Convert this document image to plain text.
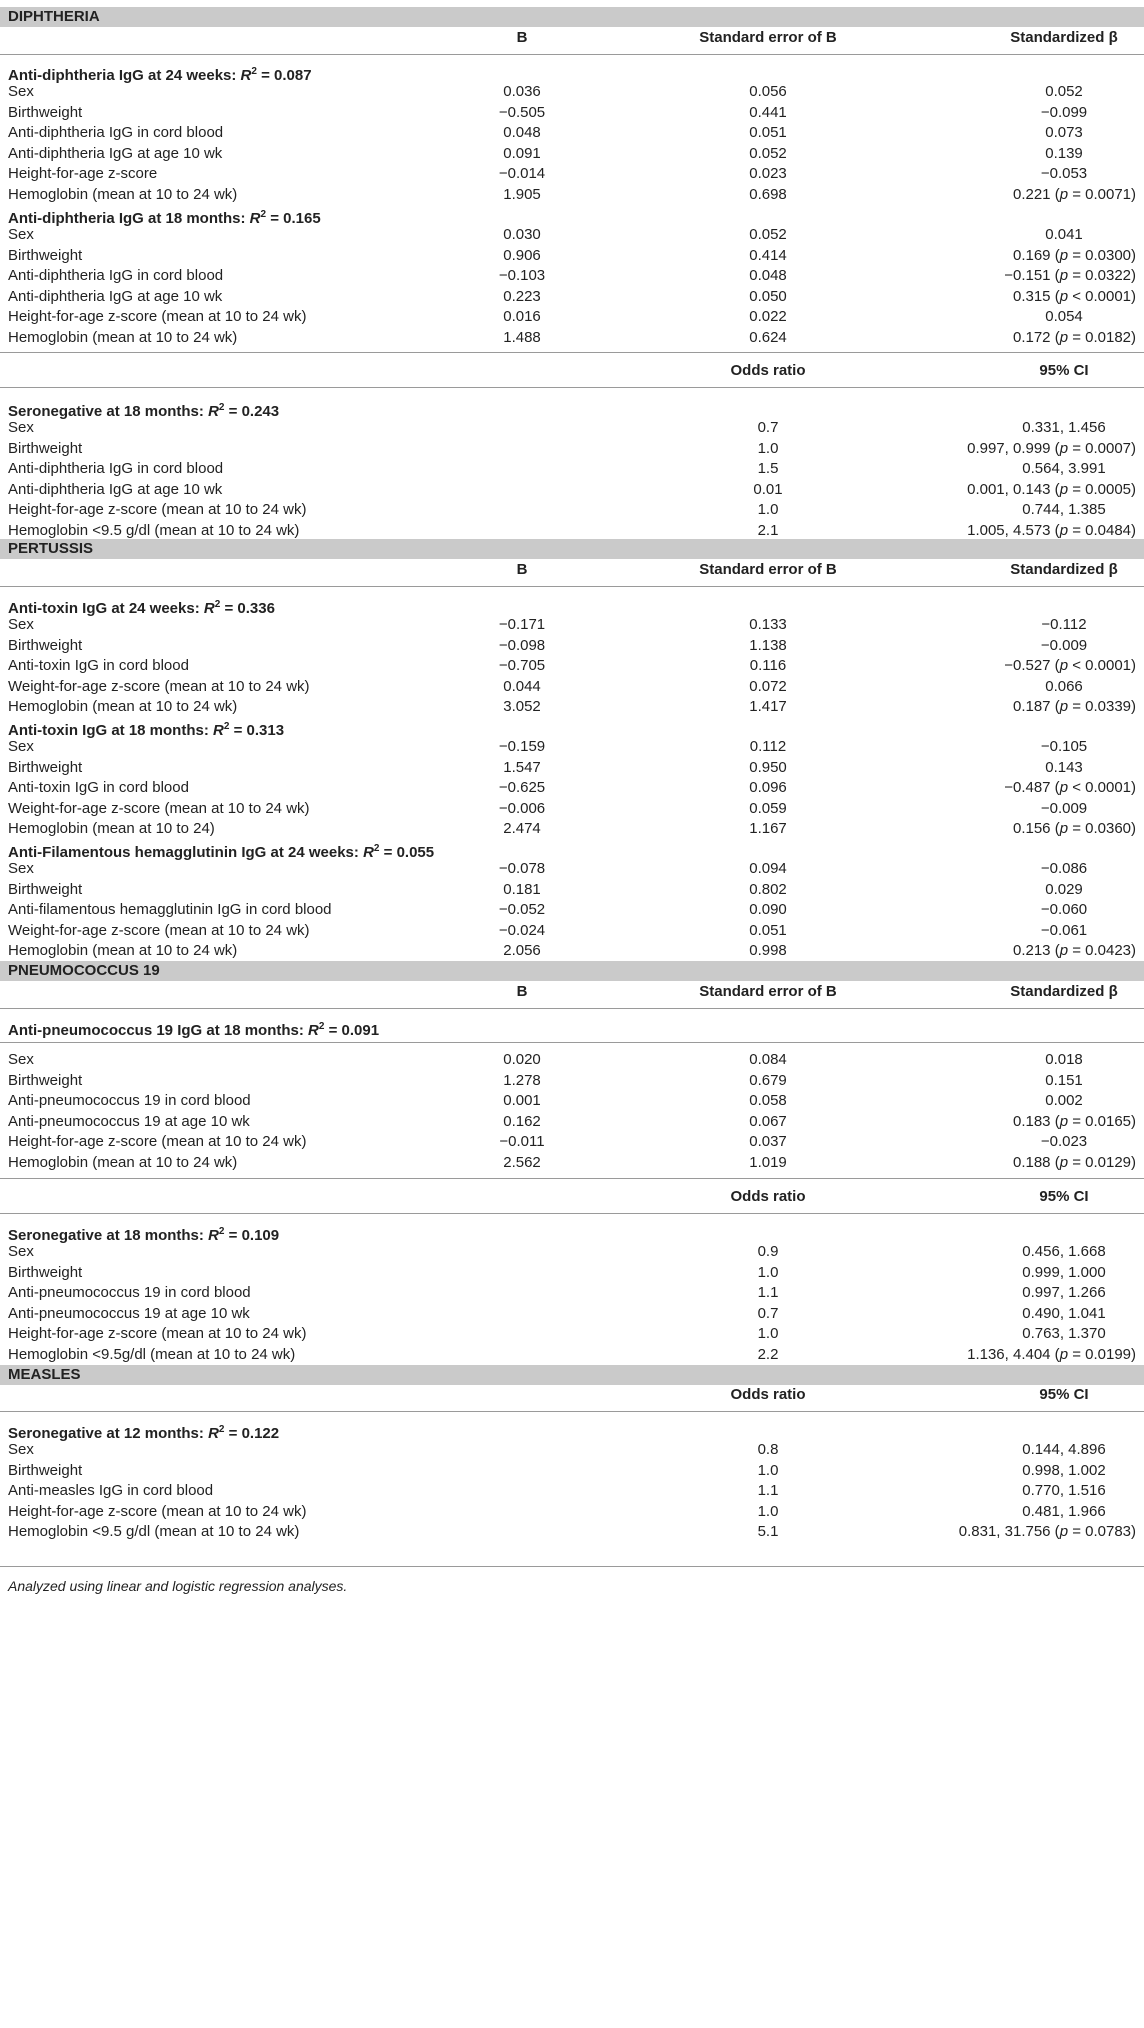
DIPHTHERIA
B	Standard error of B	Standardized β
Anti-diphtheria IgG at 24 weeks: $R^2 = 0.087$
Sex	0.036	0.056	0.052
Birthweight	−0.505	0.441	−0.099
Anti-diphtheria IgG in cord blood	0.048	0.051	0.073
Anti-diphtheria IgG at age 10 wk	0.091	0.052	0.139
Height-for-age z-score	−0.014	0.023	−0.053
Hemoglobin (mean at 10 to 24 wk)	1.905	0.698	0.221 (p = 0.0071)
Anti-diphtheria IgG at 18 months: $R^2 = 0.165$
Sex	0.030	0.052	0.041
Birthweight	0.906	0.414	0.169 (p = 0.0300)
Anti-diphtheria IgG in cord blood	−0.103	0.048	−0.151 (p = 0.0322)
Anti-diphtheria IgG at age 10 wk	0.223	0.050	0.315 (p < 0.0001)
Height-for-age z-score (mean at 10 to 24 wk)	0.016	0.022	0.054
Hemoglobin (mean at 10 to 24 wk)	1.488	0.624	0.172 (p = 0.0182)
Odds ratio	95% CI
Seronegative at 18 months: $R^2 = 0.243$
Sex	0.7	0.331, 1.456
Birthweight	1.0	0.997, 0.999 (p = 0.0007)
Anti-diphtheria IgG in cord blood	1.5	0.564, 3.991
Anti-diphtheria IgG at age 10 wk	0.01	0.001, 0.143 (p = 0.0005)
Height-for-age z-score (mean at 10 to 24 wk)	1.0	0.744, 1.385
Hemoglobin <9.5 g/dl (mean at 10 to 24 wk)	2.1	1.005, 4.573 (p = 0.0484)
PERTUSSIS
B	Standard error of B	Standardized β
Anti-toxin IgG at 24 weeks: $R^2 = 0.336$
Sex	−0.171	0.133	−0.112
Birthweight	−0.098	1.138	−0.009
Anti-toxin IgG in cord blood	−0.705	0.116	−0.527 (p < 0.0001)
Weight-for-age z-score (mean at 10 to 24 wk)	0.044	0.072	0.066
Hemoglobin (mean at 10 to 24 wk)	3.052	1.417	0.187 (p = 0.0339)
Anti-toxin IgG at 18 months: $R^2 = 0.313$
Sex	−0.159	0.112	−0.105
Birthweight	1.547	0.950	0.143
Anti-toxin IgG in cord blood	−0.625	0.096	−0.487 (p < 0.0001)
Weight-for-age z-score (mean at 10 to 24 wk)	−0.006	0.059	−0.009
Hemoglobin (mean at 10 to 24)	2.474	1.167	0.156 (p = 0.0360)
Anti-Filamentous hemagglutinin IgG at 24 weeks: $R^2 = 0.055$
Sex	−0.078	0.094	−0.086
Birthweight	0.181	0.802	0.029
Anti-filamentous hemagglutinin IgG in cord blood	−0.052	0.090	−0.060
Weight-for-age z-score (mean at 10 to 24 wk)	−0.024	0.051	−0.061
Hemoglobin (mean at 10 to 24 wk)	2.056	0.998	0.213 (p = 0.0423)
PNEUMOCOCCUS 19
B	Standard error of B	Standardized β
Anti-pneumococcus 19 IgG at 18 months: $R^2 = 0.091$
Sex	0.020	0.084	0.018
Birthweight	1.278	0.679	0.151
Anti-pneumococcus 19 in cord blood	0.001	0.058	0.002
Anti-pneumococcus 19 at age 10 wk	0.162	0.067	0.183 (p = 0.0165)
Height-for-age z-score (mean at 10 to 24 wk)	−0.011	0.037	−0.023
Hemoglobin (mean at 10 to 24 wk)	2.562	1.019	0.188 (p = 0.0129)
Odds ratio	95% CI
Seronegative at 18 months: $R^2 = 0.109$
Sex	0.9	0.456, 1.668
Birthweight	1.0	0.999, 1.000
Anti-pneumococcus 19 in cord blood	1.1	0.997, 1.266
Anti-pneumococcus 19 at age 10 wk	0.7	0.490, 1.041
Height-for-age z-score (mean at 10 to 24 wk)	1.0	0.763, 1.370
Hemoglobin <9.5g/dl (mean at 10 to 24 wk)	2.2	1.136, 4.404 (p = 0.0199)
MEASLES
Odds ratio	95% CI
Seronegative at 12 months: $R^2 = 0.122$
Sex	0.8	0.144, 4.896
Birthweight	1.0	0.998, 1.002
Anti-measles IgG in cord blood	1.1	0.770, 1.516
Height-for-age z-score (mean at 10 to 24 wk)	1.0	0.481, 1.966
Hemoglobin <9.5 g/dl (mean at 10 to 24 wk)	5.1	0.831, 31.756 (p = 0.0783)
Analyzed using linear and logistic regression analyses.
